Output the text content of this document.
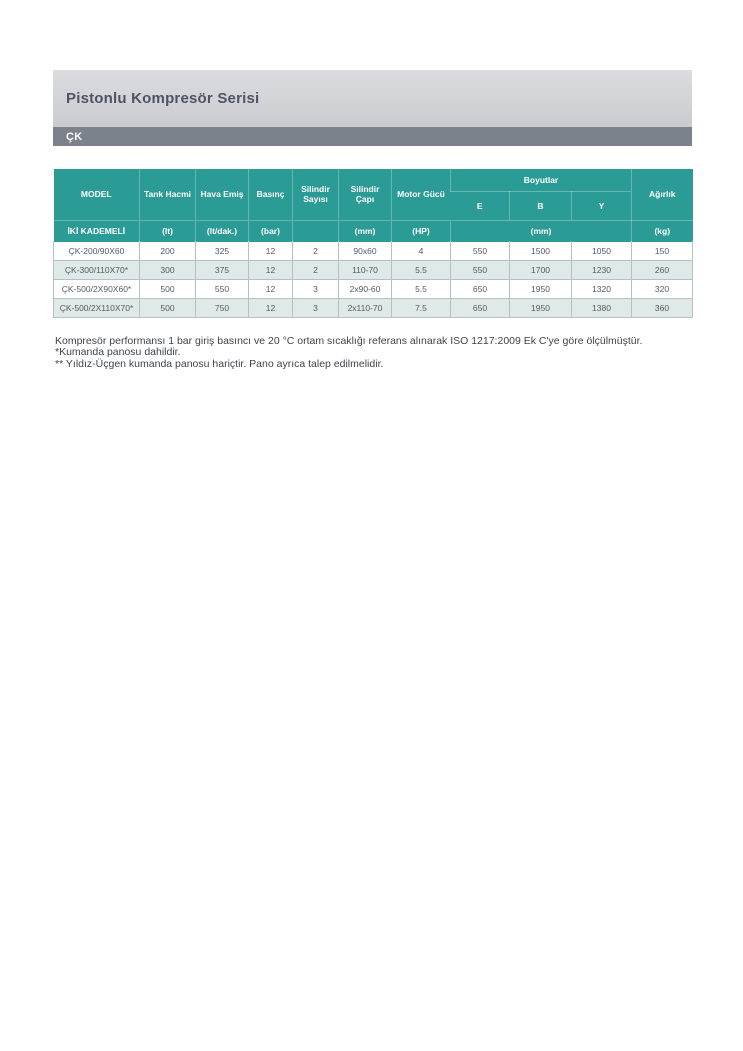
Pistonlu Kompresör Serisi
ÇK
MODEL	Tank Hacmi	Hava Emiş	Basınç	Silindir Sayısı	Silindir Çapı	Motor Gücü	Boyutlar			Ağırlık
							E	B	Y	
İKİ KADEMELİ	(lt)	(lt/dak.)	(bar)		(mm)	(HP)	(mm)			(kg)
ÇK-200/90X60	200	325	12	2	90x60	4	550	1500	1050	150
ÇK-300/110X70*	300	375	12	2	110-70	5.5	550	1700	1230	260
ÇK-500/2X90X60*	500	550	12	3	2x90-60	5.5	650	1950	1320	320
ÇK-500/2X110X70*	500	750	12	3	2x110-70	7.5	650	1950	1380	360

Kompresör performansı 1 bar giriş basıncı ve 20 °C ortam sıcaklığı referans alınarak ISO 1217:2009 Ek C'ye göre ölçülmüştür.

*Kumanda panosu dahildir.

** Yıldız-Üçgen kumanda panosu hariçtir. Pano ayrıca talep edilmelidir.
